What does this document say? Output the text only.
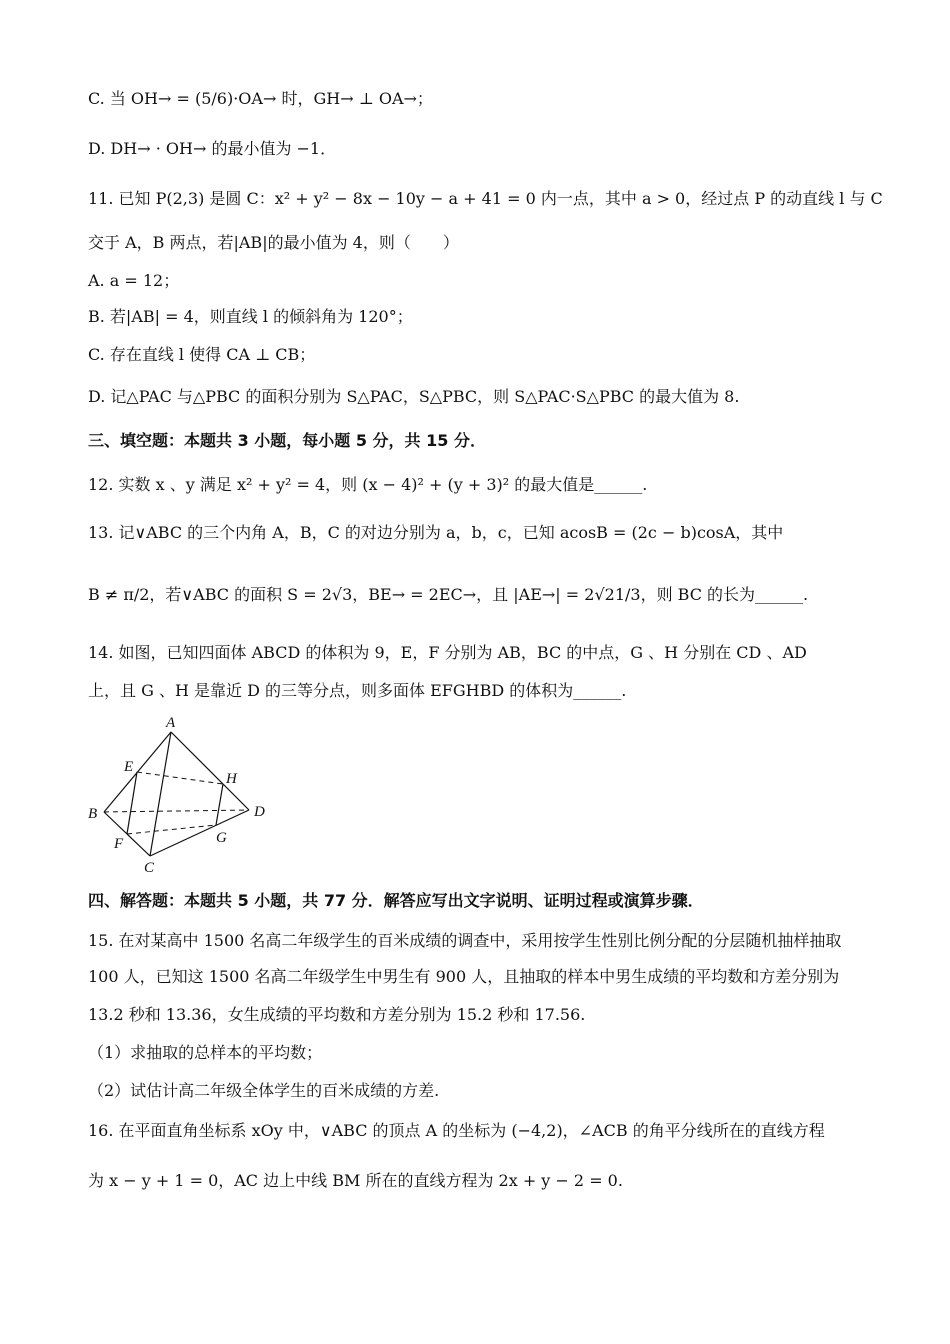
C. 当 OH→ = (5/6)·OA→ 时，GH→ ⊥ OA→；
D. DH→ · OH→ 的最小值为 −1．
11. 已知 P(2,3) 是圆 C：x² + y² − 8x − 10y − a + 41 = 0 内一点，其中 a > 0，经过点 P 的动直线 l 与 C
交于 A，B 两点，若|AB|的最小值为 4，则（　　）
A. a = 12；
B. 若|AB| = 4，则直线 l 的倾斜角为 120°；
C. 存在直线 l 使得 CA ⊥ CB；
D. 记△PAC 与△PBC 的面积分别为 S△PAC，S△PBC，则 S△PAC·S△PBC 的最大值为 8.
三、填空题：本题共 3 小题，每小题 5 分，共 15 分．
12. 实数 x 、y 满足 x² + y² = 4，则 (x − 4)² + (y + 3)² 的最大值是______.
13. 记∨ABC 的三个内角 A，B，C 的对边分别为 a，b，c，已知 acosB = (2c − b)cosA，其中
B ≠ π/2，若∨ABC 的面积 S = 2√3，BE→ = 2EC→，且 |AE→| = 2√21/3，则 BC 的长为______.
14. 如图，已知四面体 ABCD 的体积为 9，E，F 分别为 AB，BC 的中点，G 、H 分别在 CD 、AD
上，且 G 、H 是靠近 D 的三等分点，则多面体 EFGHBD 的体积为______.
四、解答题：本题共 5 小题，共 77 分．解答应写出文字说明、证明过程或演算步骤．
15. 在对某高中 1500 名高二年级学生的百米成绩的调查中，采用按学生性别比例分配的分层随机抽样抽取
100 人，已知这 1500 名高二年级学生中男生有 900 人，且抽取的样本中男生成绩的平均数和方差分别为
13.2 秒和 13.36，女生成绩的平均数和方差分别为 15.2 秒和 17.56.
（1）求抽取的总样本的平均数；
（2）试估计高二年级全体学生的百米成绩的方差.
16. 在平面直角坐标系 xOy 中，∨ABC 的顶点 A 的坐标为 (−4,2)，∠ACB 的角平分线所在的直线方程
为 x − y + 1 = 0，AC 边上中线 BM 所在的直线方程为 2x + y − 2 = 0.
A
B
C
D
E
F	G
H
